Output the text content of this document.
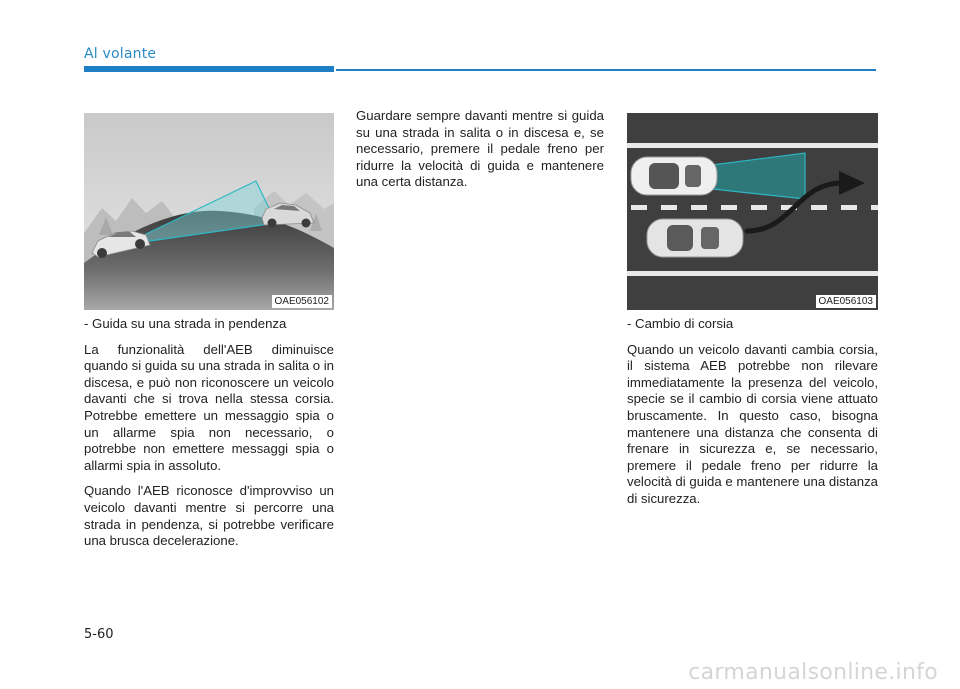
Al volante
OAE056102

- Guida su una strada in pendenza

La funzionalità dell'AEB diminuisce quando si guida su una strada in salita o in discesa, e può non riconoscere un veicolo davanti che si trova nella stessa corsia. Potrebbe emettere un messaggio spia o un allarme spia non necessario, o potrebbe non emettere messaggi spia o allarmi spia in assoluto.

Quando l'AEB riconosce d'improvviso un veicolo davanti mentre si percorre una strada in pendenza, si potrebbe verificare una brusca decelerazione.

Guardare sempre davanti mentre si guida su una strada in salita o in discesa e, se necessario, premere il pedale freno per ridurre la velocità di guida e mantenere una certa distanza.

OAE056103

- Cambio di corsia

Quando un veicolo davanti cambia corsia, il sistema AEB potrebbe non rilevare immediatamente la presenza del veicolo, specie se il cambio di corsia viene attuato bruscamente. In questo caso, bisogna mantenere una distanza che consenta di frenare in sicurezza e, se necessario, premere il pedale freno per ridurre la velocità di guida e mantenere una distanza di sicurezza.

5-60
carmanualsonline.info
